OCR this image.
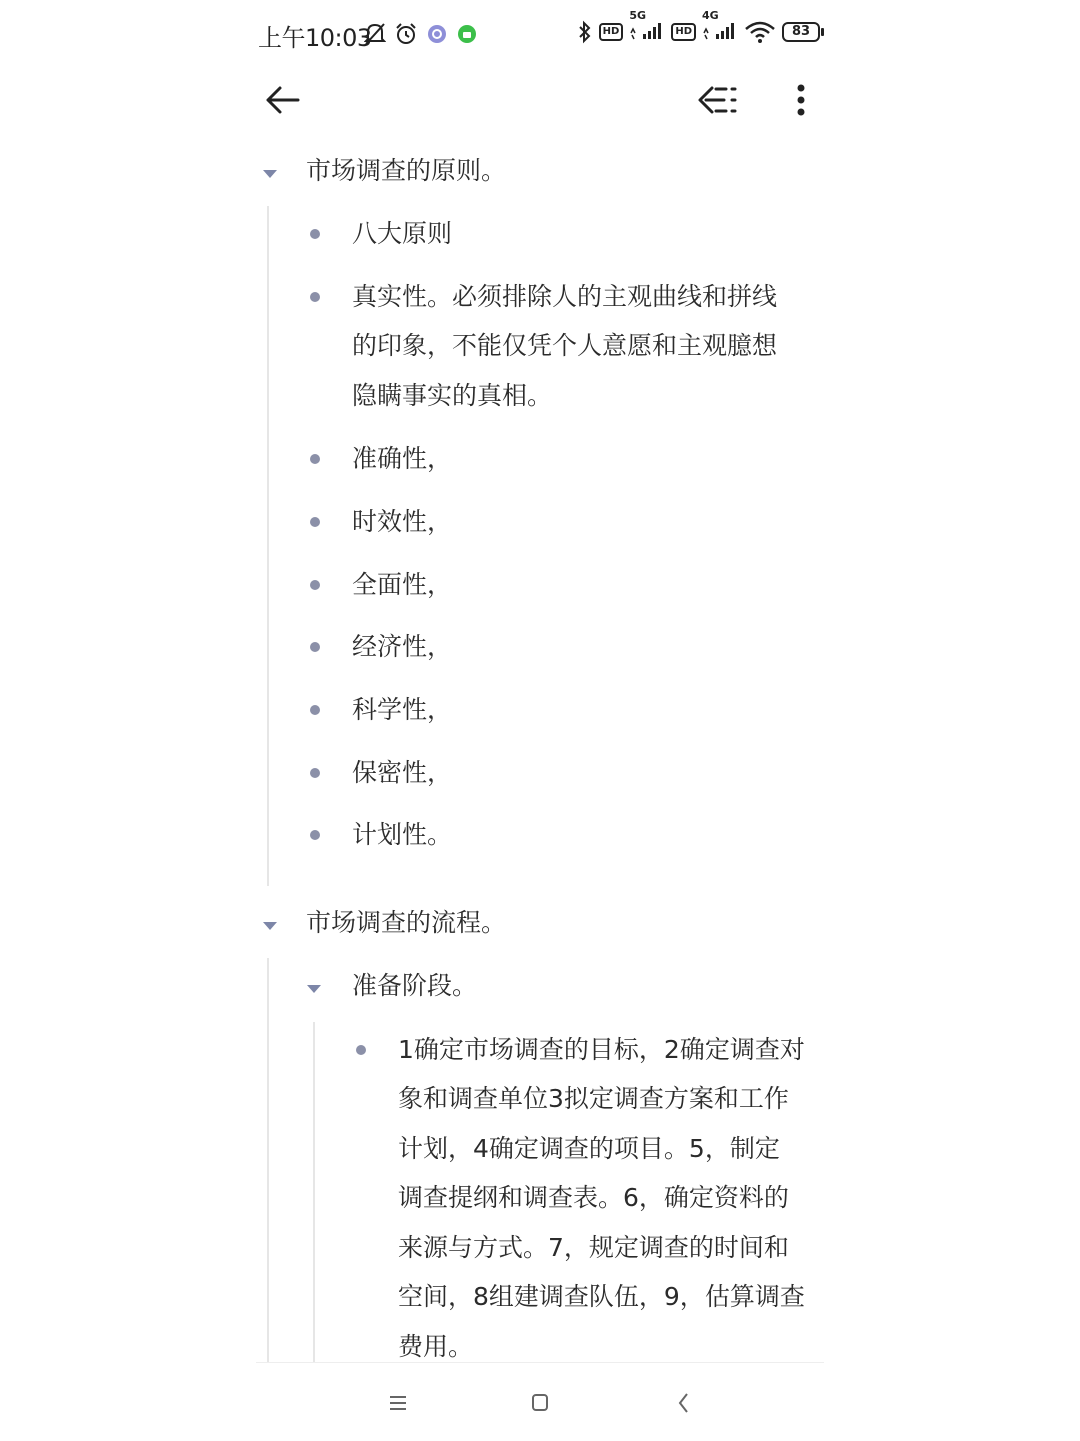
上午10:03	HD
5G
HD
4G
83
市场调查的原则。
八大原则
真实性。必须排除人的主观曲线和拼线
的印象，不能仅凭个人意愿和主观臆想
隐瞒事实的真相。
准确性，
时效性，
全面性，
经济性，
科学性，
保密性，
计划性。
市场调查的流程。
准备阶段。
1确定市场调查的目标，2确定调查对
象和调查单位3拟定调查方案和工作
计划，4确定调查的项目。5，制定
调查提纲和调查表。6，确定资料的
来源与方式。7，规定调查的时间和
空间，8组建调查队伍，9，估算调查
费用。
